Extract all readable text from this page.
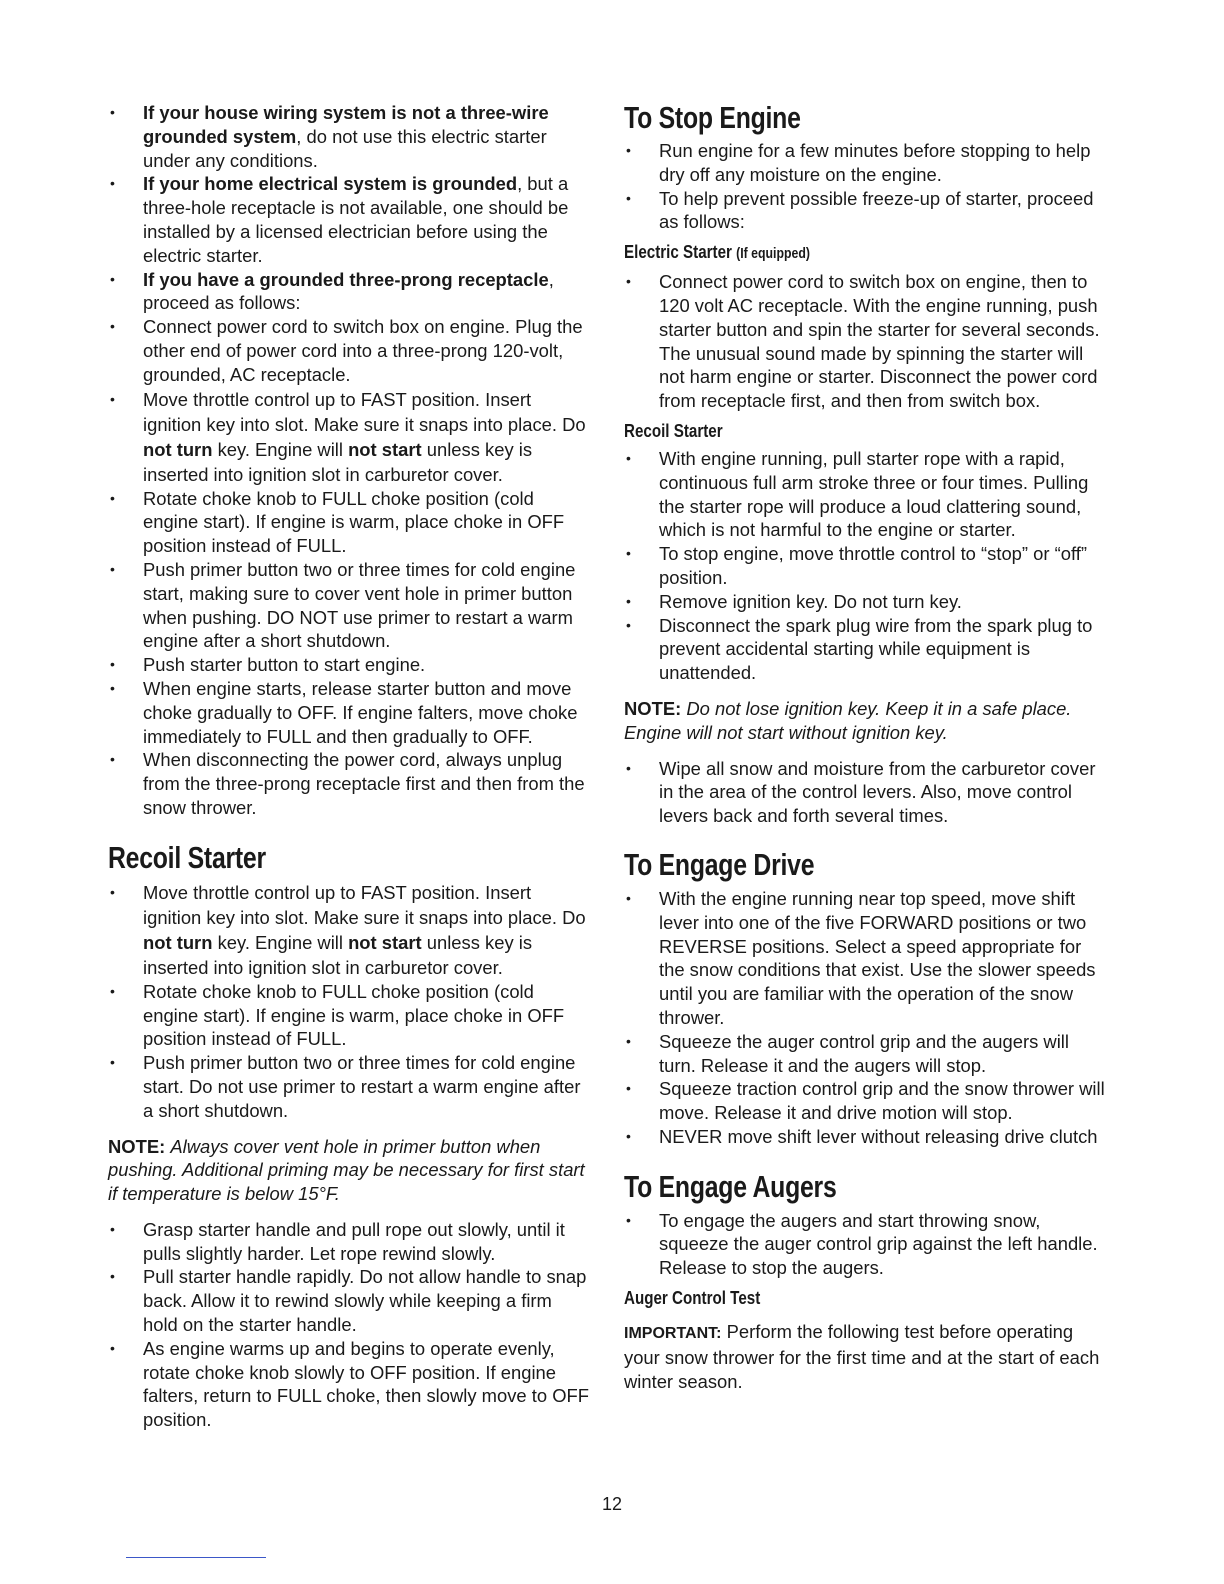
• If your house wiring system is not a three-wire grounded system, do not use this electric starter under any conditions.
• If your home electrical system is grounded, but a three-hole receptacle is not available, one should be installed by a licensed electrician before using the electric starter.
• If you have a grounded three-prong receptacle, proceed as follows:
• Connect power cord to switch box on engine. Plug the other end of power cord into a three-prong 120-volt, grounded, AC receptacle.
• Move throttle control up to FAST position. Insert ignition key into slot. Make sure it snaps into place. Do not turn key. Engine will not start unless key is inserted into ignition slot in carburetor cover.
• Rotate choke knob to FULL choke position (cold engine start). If engine is warm, place choke in OFF position instead of FULL.
• Push primer button two or three times for cold engine start, making sure to cover vent hole in primer button when pushing. DO NOT use primer to restart a warm engine after a short shutdown.
• Push starter button to start engine.
• When engine starts, release starter button and move choke gradually to OFF. If engine falters, move choke immediately to FULL and then gradually to OFF.
• When disconnecting the power cord, always unplug from the three-prong receptacle first and then from the snow thrower.
Recoil Starter
• Move throttle control up to FAST position. Insert ignition key into slot. Make sure it snaps into place. Do not turn key. Engine will not start unless key is inserted into ignition slot in carburetor cover.
• Rotate choke knob to FULL choke position (cold engine start). If engine is warm, place choke in OFF position instead of FULL.
• Push primer button two or three times for cold engine start. Do not use primer to restart a warm engine after a short shutdown.

NOTE: Always cover vent hole in primer button when pushing. Additional priming may be necessary for first start if temperature is below 15°F.

• Grasp starter handle and pull rope out slowly, until it pulls slightly harder. Let rope rewind slowly.
• Pull starter handle rapidly. Do not allow handle to snap back. Allow it to rewind slowly while keeping a firm hold on the starter handle.
• As engine warms up and begins to operate evenly, rotate choke knob slowly to OFF position. If engine falters, return to FULL choke, then slowly move to OFF position.
To Stop Engine
• Run engine for a few minutes before stopping to help dry off any moisture on the engine.
• To help prevent possible freeze-up of starter, proceed as follows:
Electric Starter (If equipped)
• Connect power cord to switch box on engine, then to 120 volt AC receptacle. With the engine running, push starter button and spin the starter for several seconds. The unusual sound made by spinning the starter will not harm engine or starter. Disconnect the power cord from receptacle first, and then from switch box.
Recoil Starter
• With engine running, pull starter rope with a rapid, continuous full arm stroke three or four times. Pulling the starter rope will produce a loud clattering sound, which is not harmful to the engine or starter.
• To stop engine, move throttle control to “stop” or “off” position.
• Remove ignition key. Do not turn key.
• Disconnect the spark plug wire from the spark plug to prevent accidental starting while equipment is unattended.

NOTE: Do not lose ignition key. Keep it in a safe place. Engine will not start without ignition key.

• Wipe all snow and moisture from the carburetor cover in the area of the control levers. Also, move control levers back and forth several times.
To Engage Drive
• With the engine running near top speed, move shift lever into one of the five FORWARD positions or two REVERSE positions. Select a speed appropriate for the snow conditions that exist. Use the slower speeds until you are familiar with the operation of the snow thrower.
• Squeeze the auger control grip and the augers will turn. Release it and the augers will stop.
• Squeeze traction control grip and the snow thrower will move. Release it and drive motion will stop.
• NEVER move shift lever without releasing drive clutch
To Engage Augers
• To engage the augers and start throwing snow, squeeze the auger control grip against the left handle. Release to stop the augers.
Auger Control Test

IMPORTANT: Perform the following test before operating your snow thrower for the first time and at the start of each winter season.

12
